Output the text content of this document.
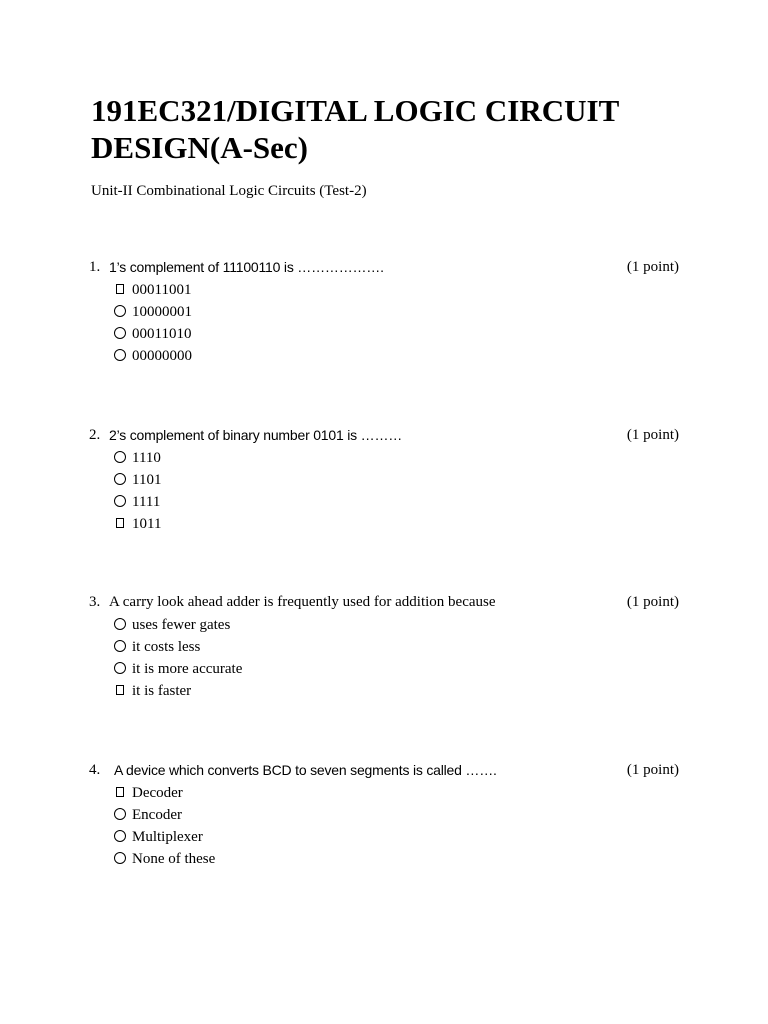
191EC321/DIGITAL LOGIC CIRCUIT DESIGN(A-Sec)
Unit-II Combinational Logic Circuits (Test-2)
1. 1’s complement of 11100110 is ……………….	(1 point)
00011001
10000001
00011010
00000000
2. 2’s complement of binary number 0101 is ………	(1 point)
1110
1101
1111
1011
3. A carry look ahead adder is frequently used for addition because	(1 point)
uses fewer gates
it costs less
it is more accurate
it is faster
4. A device which converts BCD to seven segments is called …….	(1 point)
Decoder
Encoder
Multiplexer
None of these
